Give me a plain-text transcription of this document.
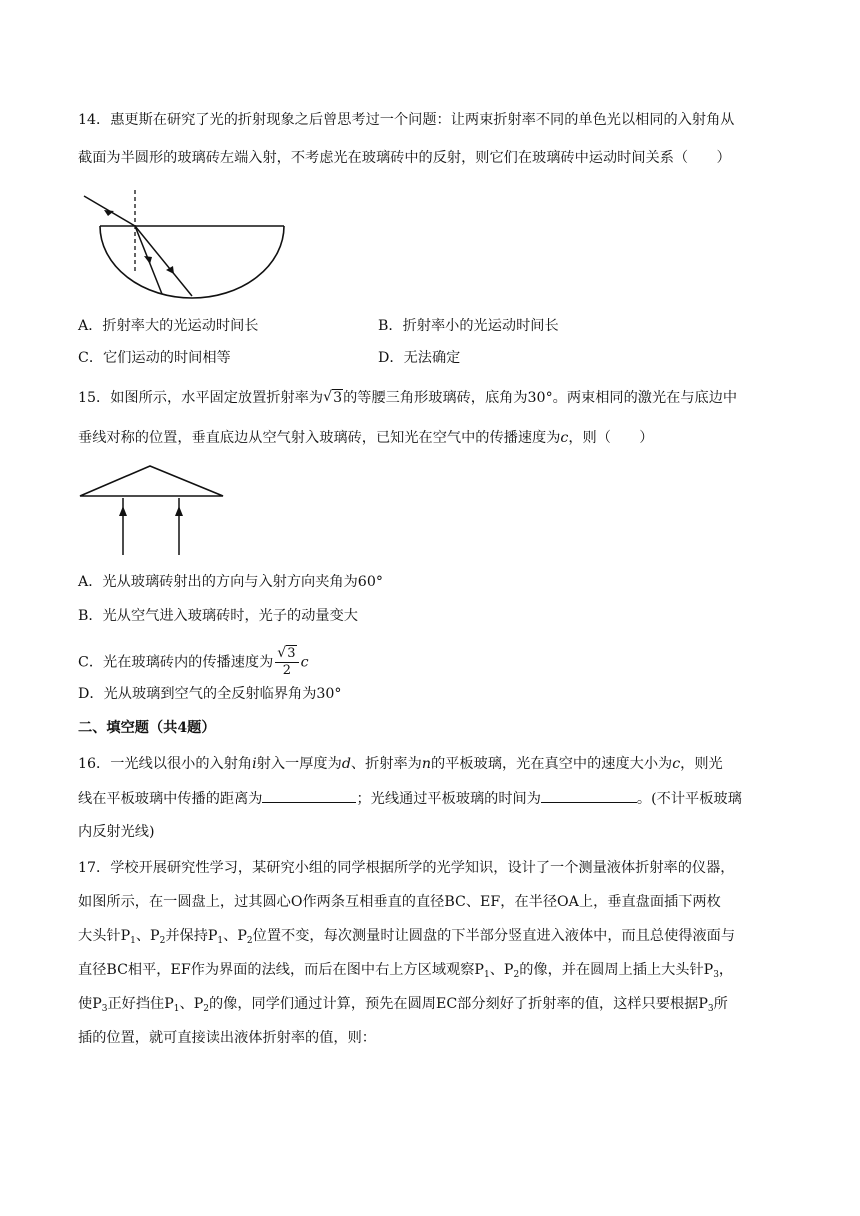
14．惠更斯在研究了光的折射现象之后曾思考过一个问题：让两束折射率不同的单色光以相同的入射角从
截面为半圆形的玻璃砖左端入射，不考虑光在玻璃砖中的反射，则它们在玻璃砖中运动时间关系（　　）
A．折射率大的光运动时间长	B．折射率小的光运动时间长
C．它们运动的时间相等	D．无法确定
15．如图所示，水平固定放置折射率为 √ 3的等腰三角形玻璃砖，底角为30°。两束相同的激光在与底边中
垂线对称的位置，垂直底边从空气射入玻璃砖，已知光在空气中的传播速度为c，则（　　）
A．光从玻璃砖射出的方向与入射方向夹角为60°
B．光从空气进入玻璃砖时，光子的动量变大
C．光在玻璃砖内的传播速度为 $\frac{√ 3}{2}$ c
D．光从玻璃到空气的全反射临界角为30°
二、填空题（共4题）
16．一光线以很小的入射角i射入一厚度为d、折射率为n的平板玻璃，光在真空中的速度大小为c，则光
线在平板玻璃中传播的距离为	；光线通过平板玻璃的时间为	。(不计平板玻璃
内反射光线)
17．学校开展研究性学习，某研究小组的同学根据所学的光学知识，设计了一个测量液体折射率的仪器，
如图所示，在一圆盘上，过其圆心O作两条互相垂直的直径BC、EF，在半径OA上，垂直盘面插下两枚
大头针$P_1$、$P_2$并保持$P_1$、$P_2$位置不变，每次测量时让圆盘的下半部分竖直进入液体中，而且总使得液面与
直径BC相平，EF作为界面的法线，而后在图中右上方区域观察$P_1$、$P_2$的像，并在圆周上插上大头针$P_3$，
使$P_3$正好挡住$P_1$、$P_2$的像，同学们通过计算，预先在圆周EC部分刻好了折射率的值，这样只要根据$P_3$所
插的位置，就可直接读出液体折射率的值，则：
